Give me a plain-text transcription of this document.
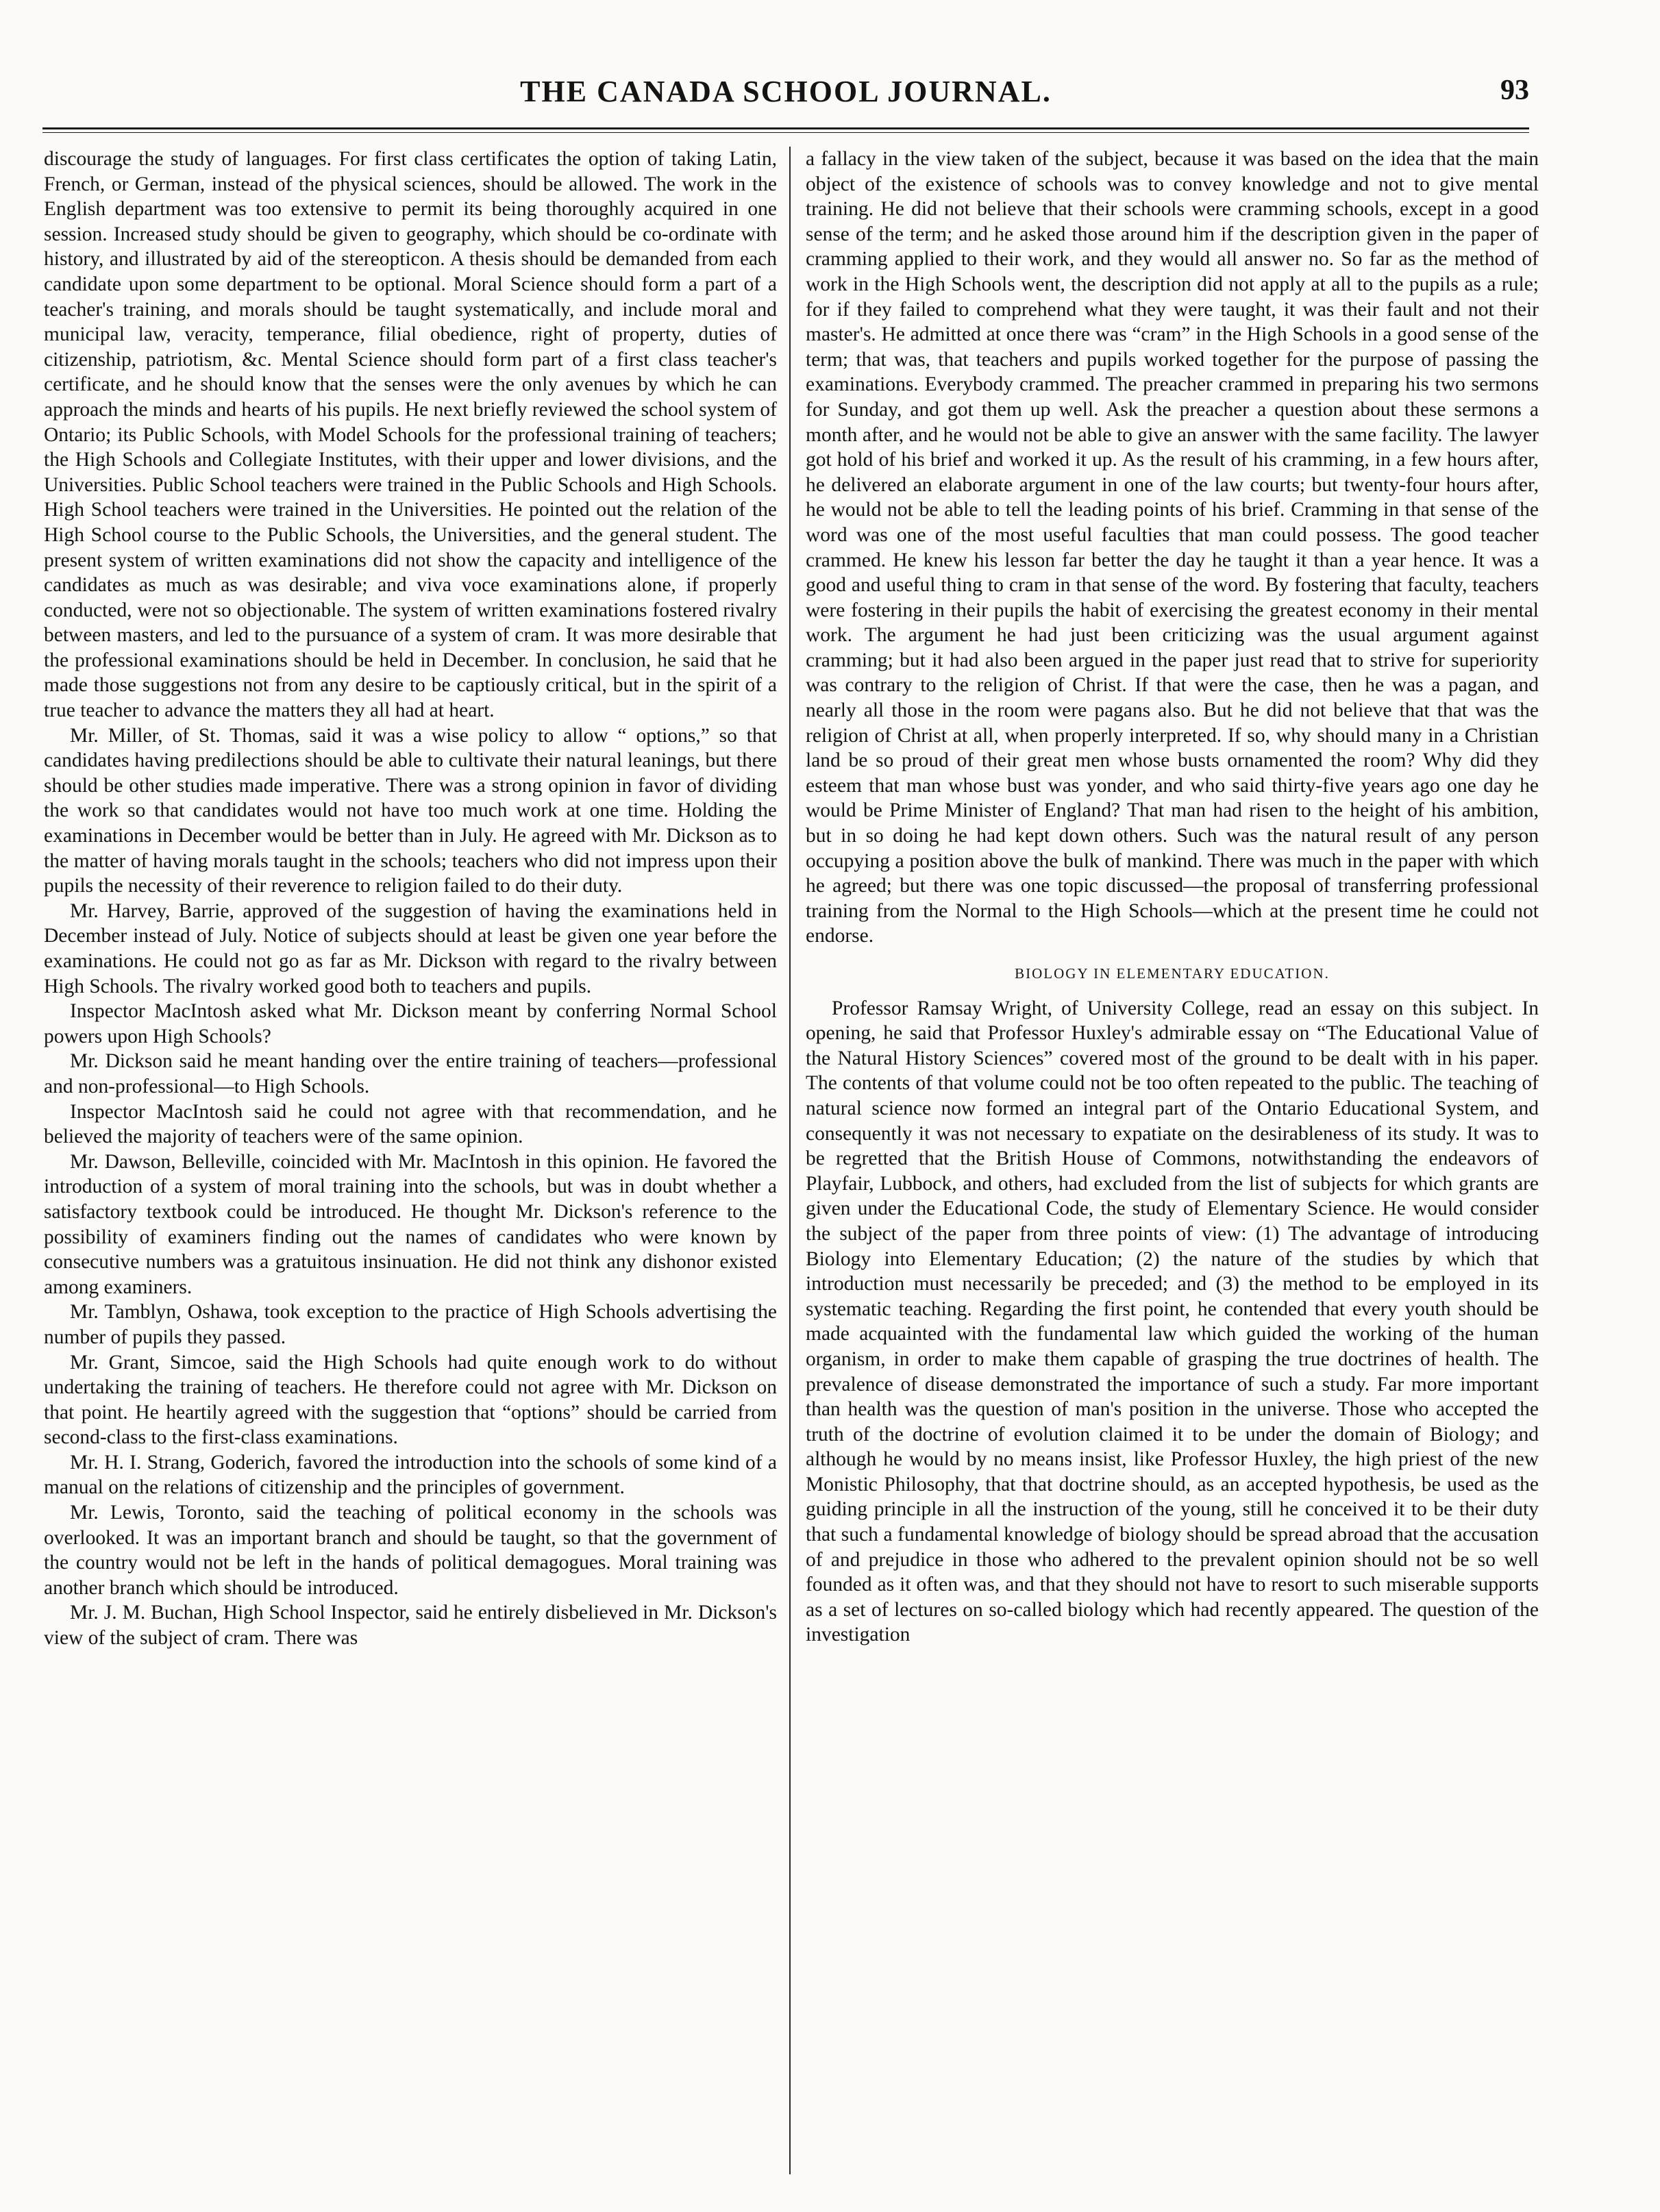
THE CANADA SCHOOL JOURNAL.	93

discourage the study of languages. For first class certificates the option of taking Latin, French, or German, instead of the physical sciences, should be allowed. The work in the English department was too extensive to permit its being thoroughly acquired in one session. Increased study should be given to geography, which should be co-ordinate with history, and illustrated by aid of the stereopticon. A thesis should be demanded from each candidate upon some department to be optional. Moral Science should form a part of a teacher's training, and morals should be taught systematically, and include moral and municipal law, veracity, temperance, filial obedience, right of property, duties of citizenship, patriotism, &c. Mental Science should form part of a first class teacher's certificate, and he should know that the senses were the only avenues by which he can approach the minds and hearts of his pupils. He next briefly reviewed the school system of Ontario; its Public Schools, with Model Schools for the professional training of teachers; the High Schools and Collegiate Institutes, with their upper and lower divisions, and the Universities. Public School teachers were trained in the Public Schools and High Schools. High School teachers were trained in the Universities. He pointed out the relation of the High School course to the Public Schools, the Universities, and the general student. The present system of written examinations did not show the capacity and intelligence of the candidates as much as was desirable; and viva voce examinations alone, if properly conducted, were not so objectionable. The system of written examinations fostered rivalry between masters, and led to the pursuance of a system of cram. It was more desirable that the professional examinations should be held in December. In conclusion, he said that he made those suggestions not from any desire to be captiously critical, but in the spirit of a true teacher to advance the matters they all had at heart.

Mr. Miller, of St. Thomas, said it was a wise policy to allow “ options,” so that candidates having predilections should be able to cultivate their natural leanings, but there should be other studies made imperative. There was a strong opinion in favor of dividing the work so that candidates would not have too much work at one time. Holding the examinations in December would be better than in July. He agreed with Mr. Dickson as to the matter of having morals taught in the schools; teachers who did not impress upon their pupils the necessity of their reverence to religion failed to do their duty.

Mr. Harvey, Barrie, approved of the suggestion of having the examinations held in December instead of July. Notice of subjects should at least be given one year before the examinations. He could not go as far as Mr. Dickson with regard to the rivalry between High Schools. The rivalry worked good both to teachers and pupils.

Inspector MacIntosh asked what Mr. Dickson meant by conferring Normal School powers upon High Schools?

Mr. Dickson said he meant handing over the entire training of teachers—professional and non-professional—to High Schools.

Inspector MacIntosh said he could not agree with that recommendation, and he believed the majority of teachers were of the same opinion.

Mr. Dawson, Belleville, coincided with Mr. MacIntosh in this opinion. He favored the introduction of a system of moral training into the schools, but was in doubt whether a satisfactory textbook could be introduced. He thought Mr. Dickson's reference to the possibility of examiners finding out the names of candidates who were known by consecutive numbers was a gratuitous insinuation. He did not think any dishonor existed among examiners.

Mr. Tamblyn, Oshawa, took exception to the practice of High Schools advertising the number of pupils they passed.

Mr. Grant, Simcoe, said the High Schools had quite enough work to do without undertaking the training of teachers. He therefore could not agree with Mr. Dickson on that point. He heartily agreed with the suggestion that “options” should be carried from second-class to the first-class examinations.

Mr. H. I. Strang, Goderich, favored the introduction into the schools of some kind of a manual on the relations of citizenship and the principles of government.

Mr. Lewis, Toronto, said the teaching of political economy in the schools was overlooked. It was an important branch and should be taught, so that the government of the country would not be left in the hands of political demagogues. Moral training was another branch which should be introduced.

Mr. J. M. Buchan, High School Inspector, said he entirely disbelieved in Mr. Dickson's view of the subject of cram. There was

a fallacy in the view taken of the subject, because it was based on the idea that the main object of the existence of schools was to convey knowledge and not to give mental training. He did not believe that their schools were cramming schools, except in a good sense of the term; and he asked those around him if the description given in the paper of cramming applied to their work, and they would all answer no. So far as the method of work in the High Schools went, the description did not apply at all to the pupils as a rule; for if they failed to comprehend what they were taught, it was their fault and not their master's. He admitted at once there was “cram” in the High Schools in a good sense of the term; that was, that teachers and pupils worked together for the purpose of passing the examinations. Everybody crammed. The preacher crammed in preparing his two sermons for Sunday, and got them up well. Ask the preacher a question about these sermons a month after, and he would not be able to give an answer with the same facility. The lawyer got hold of his brief and worked it up. As the result of his cramming, in a few hours after, he delivered an elaborate argument in one of the law courts; but twenty-four hours after, he would not be able to tell the leading points of his brief. Cramming in that sense of the word was one of the most useful faculties that man could possess. The good teacher crammed. He knew his lesson far better the day he taught it than a year hence. It was a good and useful thing to cram in that sense of the word. By fostering that faculty, teachers were fostering in their pupils the habit of exercising the greatest economy in their mental work. The argument he had just been criticizing was the usual argument against cramming; but it had also been argued in the paper just read that to strive for superiority was contrary to the religion of Christ. If that were the case, then he was a pagan, and nearly all those in the room were pagans also. But he did not believe that that was the religion of Christ at all, when properly interpreted. If so, why should many in a Christian land be so proud of their great men whose busts ornamented the room? Why did they esteem that man whose bust was yonder, and who said thirty-five years ago one day he would be Prime Minister of England? That man had risen to the height of his ambition, but in so doing he had kept down others. Such was the natural result of any person occupying a position above the bulk of mankind. There was much in the paper with which he agreed; but there was one topic discussed—the proposal of transferring professional training from the Normal to the High Schools—which at the present time he could not endorse.

BIOLOGY IN ELEMENTARY EDUCATION.

Professor Ramsay Wright, of University College, read an essay on this subject. In opening, he said that Professor Huxley's admirable essay on “The Educational Value of the Natural History Sciences” covered most of the ground to be dealt with in his paper. The contents of that volume could not be too often repeated to the public. The teaching of natural science now formed an integral part of the Ontario Educational System, and consequently it was not necessary to expatiate on the desirableness of its study. It was to be regretted that the British House of Commons, notwithstanding the endeavors of Playfair, Lubbock, and others, had excluded from the list of subjects for which grants are given under the Educational Code, the study of Elementary Science. He would consider the subject of the paper from three points of view: (1) The advantage of introducing Biology into Elementary Education; (2) the nature of the studies by which that introduction must necessarily be preceded; and (3) the method to be employed in its systematic teaching. Regarding the first point, he contended that every youth should be made acquainted with the fundamental law which guided the working of the human organism, in order to make them capable of grasping the true doctrines of health. The prevalence of disease demonstrated the importance of such a study. Far more important than health was the question of man's position in the universe. Those who accepted the truth of the doctrine of evolution claimed it to be under the domain of Biology; and although he would by no means insist, like Professor Huxley, the high priest of the new Monistic Philosophy, that that doctrine should, as an accepted hypothesis, be used as the guiding principle in all the instruction of the young, still he conceived it to be their duty that such a fundamental knowledge of biology should be spread abroad that the accusation of and prejudice in those who adhered to the prevalent opinion should not be so well founded as it often was, and that they should not have to resort to such miserable supports as a set of lectures on so-called biology which had recently appeared. The question of the investigation
